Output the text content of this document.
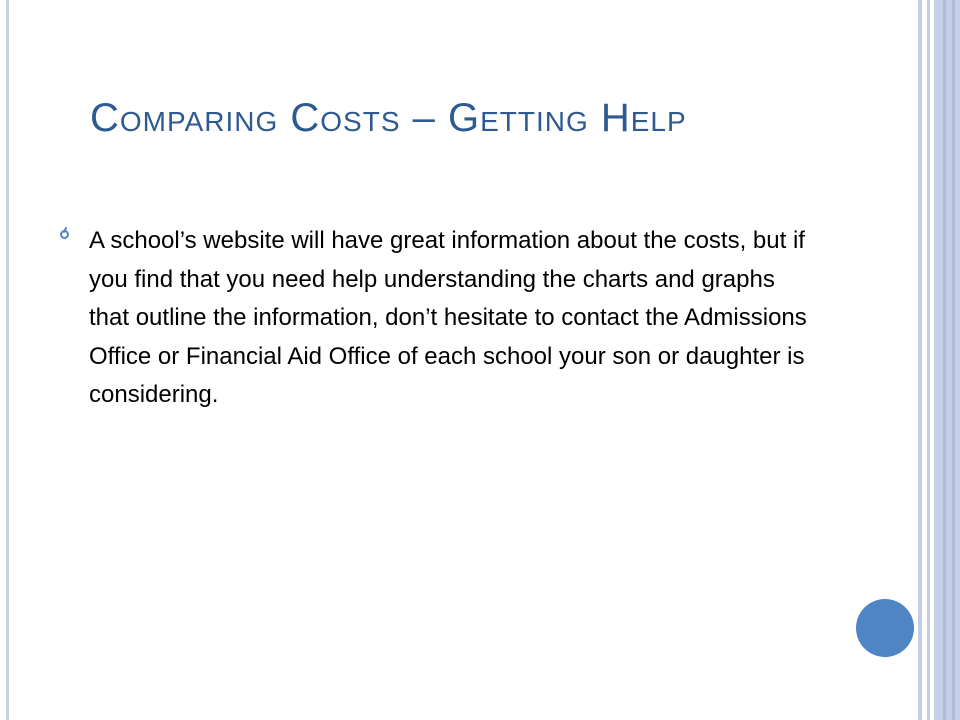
Comparing Costs – Getting Help
A school’s website will have great information about the costs, but if you find that you need help understanding the charts and graphs that outline the information, don’t hesitate to contact the Admissions Office or Financial Aid Office of each school your son or daughter is considering.
